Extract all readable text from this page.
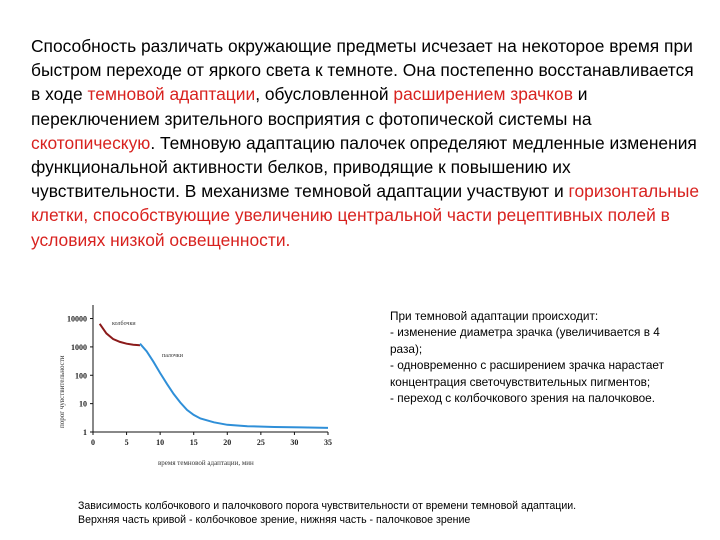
Способность различать окружающие предметы исчезает на некоторое время при быстром переходе от яркого света к темноте. Она постепенно восстанавливается в ходе темновой адаптации, обусловленной расширением зрачков и переключением зрительного восприятия с фотопической системы на скотопическую. Темновую адаптацию палочек определяют медленные изменения функциональной активности белков, приводящие к повышению их чувствительности. В механизме темновой адаптации участвуют и горизонтальные клетки, способствующие увеличению центральной части рецептивных полей в условиях низкой освещенности.
10000
1000
100
10
1
0	5	10	15	20	25	30	35
колбочки
палочки
время темновой адаптации, мин
порог чувствительности
При темновой адаптации происходит:
- изменение диаметра зрачка (увеличивается в 4 раза);
- одновременно с расширением зрачка нарастает концентрация светочувствительных пигментов;
- переход с колбочкового зрения на палочковое.
Зависимость колбочкового и палочкового порога чувствительности от времени темновой адаптации.
Верхняя часть кривой - колбочковое зрение, нижняя часть - палочковое зрение
